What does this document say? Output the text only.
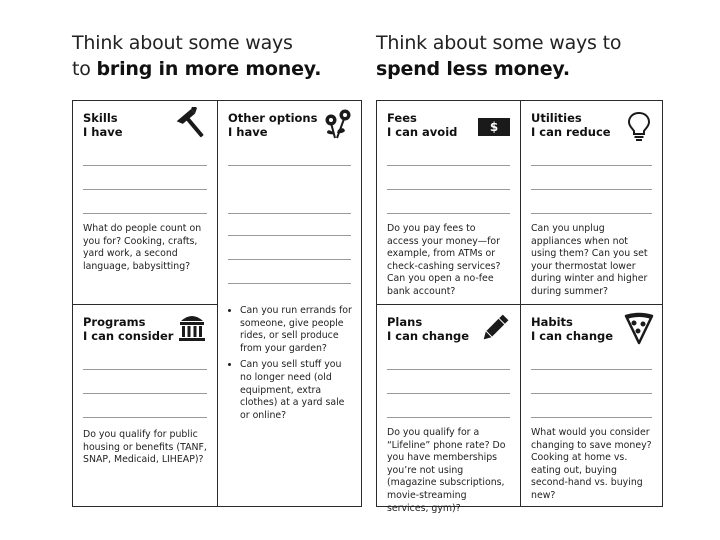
Think about some ways
to bring in more money.
Think about some ways to
spend less money.
Skills
I have
What do people count on you for? Cooking, crafts, yard work, a second language, babysitting?
Programs
I can consider
Do you qualify for public housing or benefits (TANF, SNAP, Medicaid, LIHEAP)?
Other options
I have
• Can you run errands for someone, give people rides, or sell produce from your garden?
• Can you sell stuff you no longer need (old equipment, extra clothes) at a yard sale or online?
Fees
I can avoid	$
Do you pay fees to access your money—for example, from ATMs or check-cashing services? Can you open a no-fee bank account?
Utilities
I can reduce
Can you unplug appliances when not using them? Can you set your thermostat lower during winter and higher during summer?
Plans
I can change
Do you qualify for a “Lifeline” phone rate? Do you have memberships you’re not using (magazine subscriptions, movie-streaming services, gym)?
Habits
I can change
What would you consider changing to save money? Cooking at home vs. eating out, buying second-hand vs. buying new?
